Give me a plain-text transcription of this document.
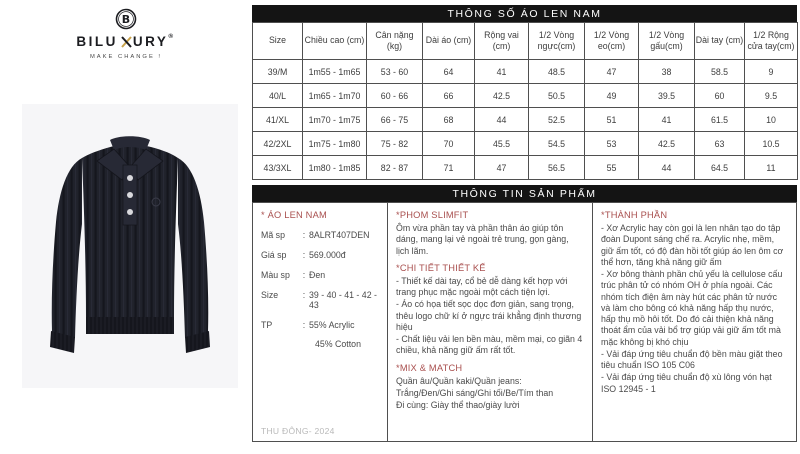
B
BILU URY ®
MAKE CHANGE !
THÔNG SỐ ÁO LEN NAM
Size	Chiều cao (cm)	Cân nặng (kg)	Dài áo (cm)	Rộng vai (cm)	1/2 Vòng ngực(cm)	1/2 Vòng eo(cm)	1/2 Vòng gấu(cm)	Dài tay (cm)	1/2 Rộng cửa tay(cm)
39/M	1m55 - 1m65	53 - 60	64	41	48.5	47	38	58.5	9
40/L	1m65 - 1m70	60 - 66	66	42.5	50.5	49	39.5	60	9.5
41/XL	1m70 - 1m75	66 - 75	68	44	52.5	51	41	61.5	10
42/2XL	1m75 - 1m80	75 - 82	70	45.5	54.5	53	42.5	63	10.5
43/3XL	1m80 - 1m85	82 - 87	71	47	56.5	55	44	64.5	11
THÔNG TIN SẢN PHẨM
* ÁO LEN NAM
Mã sp	: 8ALRT407DEN
Giá sp	: 569.000đ
Màu sp	: Đen
Size	: 39 - 40 - 41 - 42 - 43
TP	: 55% Acrylic
45% Cotton
THU ĐÔNG- 2024
*PHOM SLIMFIT

Ôm vừa phần tay và phần thân áo giúp tôn dáng, mang lại vẻ ngoài trẻ trung, gọn gàng, lịch lãm.

*CHI TIẾT THIẾT KẾ

- Thiết kế dài tay, cổ bẻ dễ dàng kết hợp với trang phục mặc ngoài một cách tiện lợi.

- Áo có họa tiết sọc dọc đơn giản, sang trọng, thêu logo chữ kí ở ngực trái khẳng định thương hiệu

- Chất liệu vải len bền màu, mềm mại, co giãn 4 chiều, khả năng giữ ấm rất tốt.

*MIX & MATCH

Quần âu/Quần kaki/Quần jeans:

Trắng/Đen/Ghi sáng/Ghi tối/Be/Tím than

Đi cùng: Giày thể thao/giày lười

*THÀNH PHẦN

- Xơ Acrylic hay còn gọi là len nhân tạo do tập đoàn Dupont sáng chế ra. Acrylic nhẹ, mềm, giữ ấm tốt, có độ đàn hồi tốt giúp áo len ôm cơ thể hơn, tăng khả năng giữ ấm

- Xơ bông thành phần chủ yếu là cellulose cấu trúc phân tử có nhóm OH ở phía ngoài. Các nhóm tích điện âm này hút các phân tử nước và làm cho bông có khả năng hấp thụ nước, hấp thụ mồ hôi tốt. Do đó cải thiện khả năng thoát ẩm của vải bổ trợ giúp vải giữ ấm tốt mà mặc không bị khó chịu

- Vải đáp ứng tiêu chuẩn độ bền màu giặt theo tiêu chuẩn ISO 105 C06

- Vải đáp ứng tiêu chuẩn độ xù lông vón hạt ISO 12945 - 1
